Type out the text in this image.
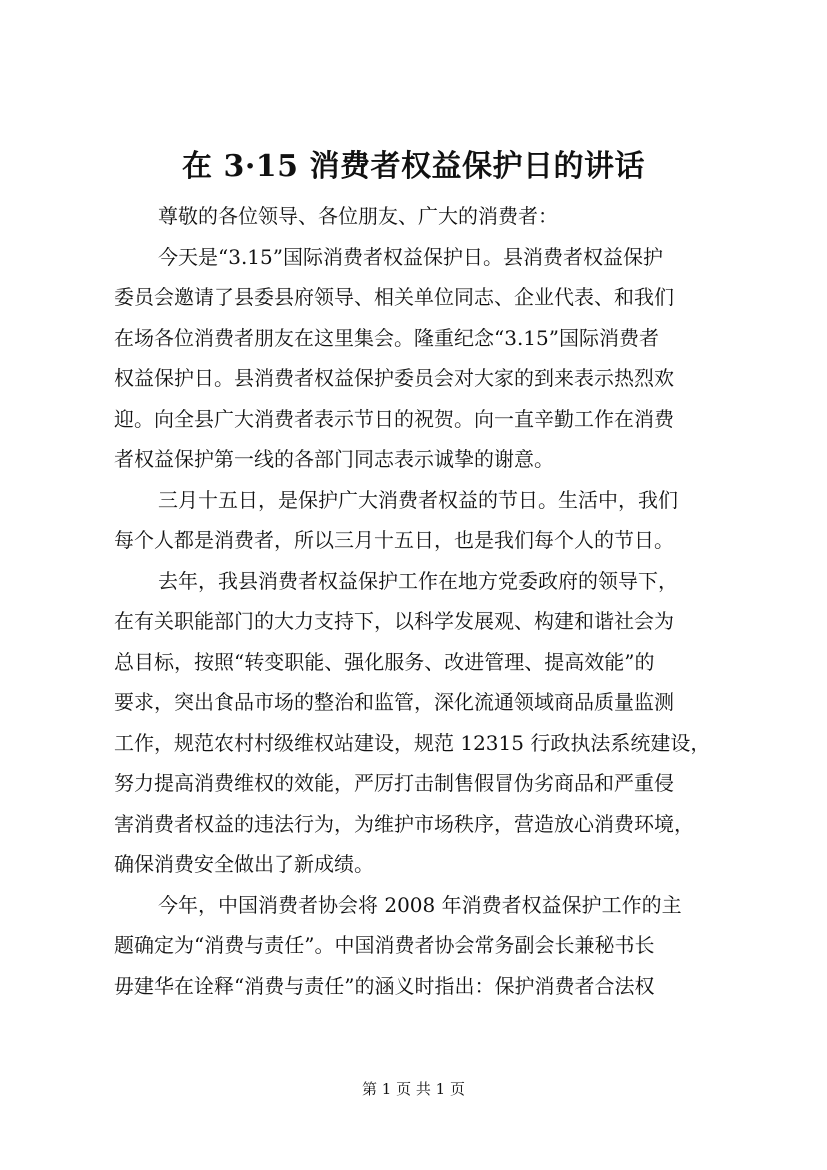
在 3·15 消费者权益保护日的讲话
尊敬的各位领导、各位朋友、广大的消费者：
今天是“3.15”国际消费者权益保护日。县消费者权益保护
委员会邀请了县委县府领导、相关单位同志、企业代表、和我们
在场各位消费者朋友在这里集会。隆重纪念“3.15”国际消费者
权益保护日。县消费者权益保护委员会对大家的到来表示热烈欢
迎。向全县广大消费者表示节日的祝贺。向一直辛勤工作在消费
者权益保护第一线的各部门同志表示诚挚的谢意。
三月十五日，是保护广大消费者权益的节日。生活中，我们
每个人都是消费者，所以三月十五日，也是我们每个人的节日。
去年，我县消费者权益保护工作在地方党委政府的领导下，
在有关职能部门的大力支持下，以科学发展观、构建和谐社会为
总目标，按照“转变职能、强化服务、改进管理、提高效能”的
要求，突出食品市场的整治和监管，深化流通领域商品质量监测
工作，规范农村村级维权站建设，规范 12315 行政执法系统建设，
努力提高消费维权的效能，严厉打击制售假冒伪劣商品和严重侵
害消费者权益的违法行为，为维护市场秩序，营造放心消费环境，
确保消费安全做出了新成绩。
今年，中国消费者协会将 2008 年消费者权益保护工作的主
题确定为“消费与责任”。中国消费者协会常务副会长兼秘书长
毋建华在诠释“消费与责任”的涵义时指出：保护消费者合法权
第 1 页 共 1 页
